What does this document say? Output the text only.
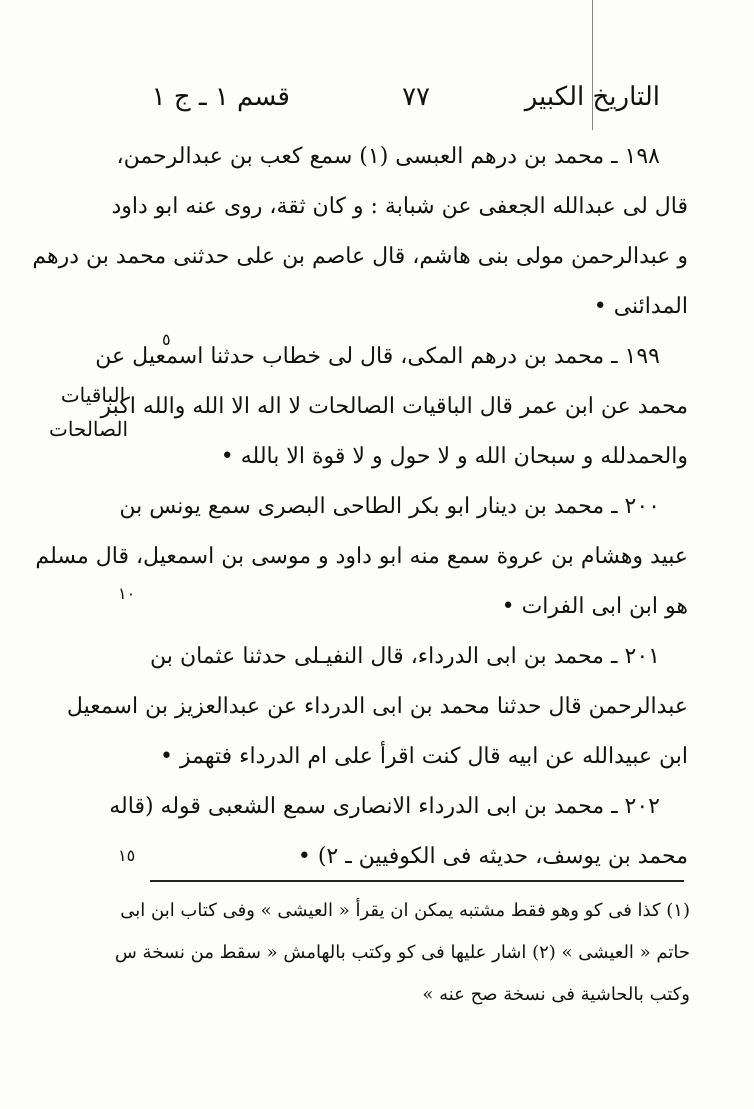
التاريخ الكبير
٧٧
قسم ١ ـ ج ١
١٩٨ ـ محمد بن درهم العبسى (١) سمع كعب بن عبدالرحمن،
قال لى عبدالله الجعفى عن شبابة : و كان ثقة، روى عنه ابو داود
و عبدالرحمن مولى بنى هاشم، قال عاصم بن على حدثنى محمد بن درهم
المدائنى •
١٩٩ ـ محمد بن درهم المكى، قال لى خطاب حدثنا اسمعيل عن
محمد عن ابن عمر قال الباقيات الصالحات لا اله الا الله والله اكبر
والحمدلله و سبحان الله و لا حول و لا قوة الا بالله •
٢٠٠ ـ محمد بن دينار ابو بكر الطاحى البصرى سمع يونس بن
عبيد وهشام بن عروة سمع منه ابو داود و موسى بن اسمعيل، قال مسلم
هو ابن ابى الفرات •
٢٠١ ـ محمد بن ابى الدرداء، قال النفيـلى حدثنا عثمان بن
عبدالرحمن قال حدثنا محمد بن ابى الدرداء عن عبدالعزيز بن اسمعيل
ابن عبيدالله عن ابيه قال كنت اقرأ على ام الدرداء فتهمز •
٢٠٢ ـ محمد بن ابى الدرداء الانصارى سمع الشعبى قوله (قاله
محمد بن يوسف، حديثه فى الكوفيين ـ ٢) •
الباقيات
الصالحات
٥
١٠
١٥
(١) كذا فى كو وهو فقط مشتبه يمكن ان يقرأ « العيشى » وفى كتاب ابن ابى
حاتم « العيشى » (٢) اشار عليها فى كو وكتب بالهامش « سقط من نسخة س
وكتب بالحاشية فى نسخة صح عنه »
